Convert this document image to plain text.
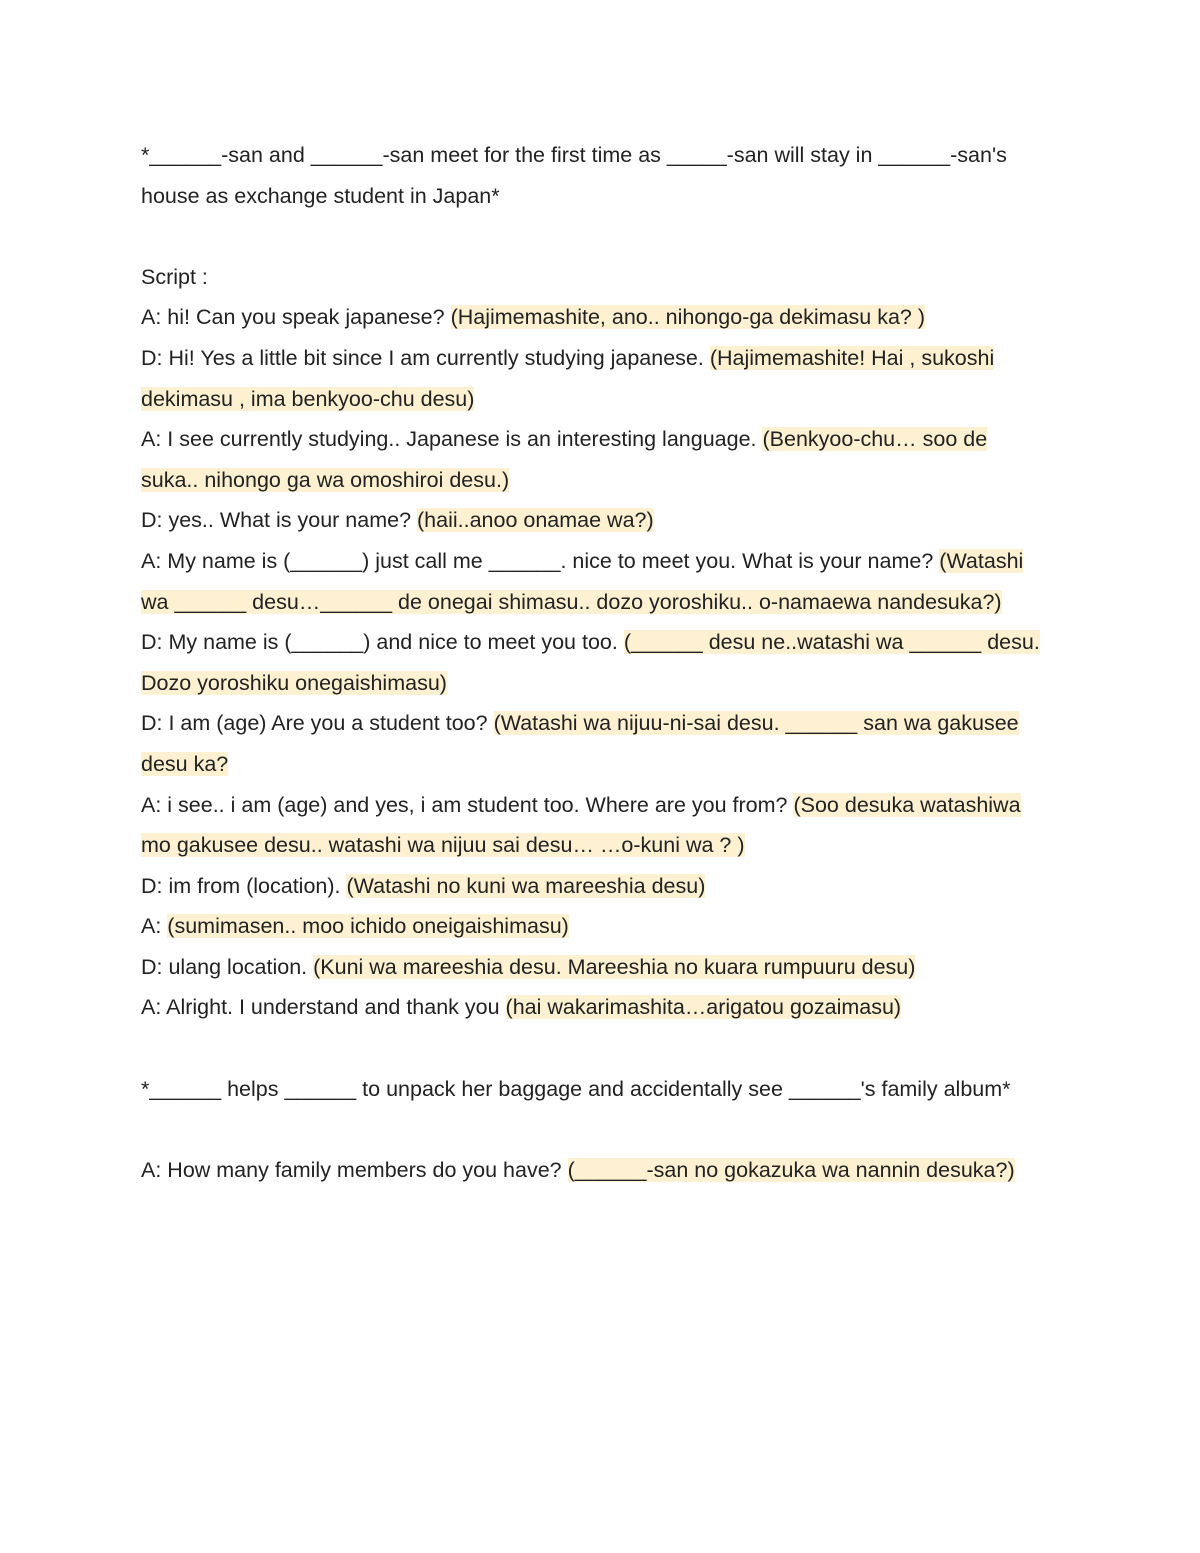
*______-san and ______-san meet for the first time as _____-san will stay in ______-san's house as exchange student in Japan*

Script :

A: hi! Can you speak japanese? (Hajimemashite, ano.. nihongo-ga dekimasu ka? )

D: Hi! Yes a little bit since I am currently studying japanese. (Hajimemashite! Hai , sukoshi dekimasu , ima benkyoo-chu desu)

A: I see currently studying.. Japanese is an interesting language. (Benkyoo-chu… soo de suka.. nihongo ga wa omoshiroi desu.)

D: yes.. What is your name? (haii..anoo onamae wa?)

A: My name is (______) just call me ______. nice to meet you. What is your name? (Watashi wa ______ desu…______ de onegai shimasu.. dozo yoroshiku.. o-namaewa nandesuka?)

D: My name is (______) and nice to meet you too. (______ desu ne..watashi wa ______ desu. Dozo yoroshiku onegaishimasu)

D: I am (age) Are you a student too? (Watashi wa nijuu-ni-sai desu. ______ san wa gakusee desu ka?

A: i see.. i am (age) and yes, i am student too. Where are you from? (Soo desuka watashiwa mo gakusee desu.. watashi wa nijuu sai desu… …o-kuni wa ? )

D: im from (location). (Watashi no kuni wa mareeshia desu)

A: (sumimasen.. moo ichido oneigaishimasu)

D: ulang location. (Kuni wa mareeshia desu. Mareeshia no kuara rumpuuru desu)

A: Alright. I understand and thank you (hai wakarimashita…arigatou gozaimasu)

*______ helps ______ to unpack her baggage and accidentally see ______'s family album*

A: How many family members do you have? (______-san no gokazuka wa nannin desuka?)
